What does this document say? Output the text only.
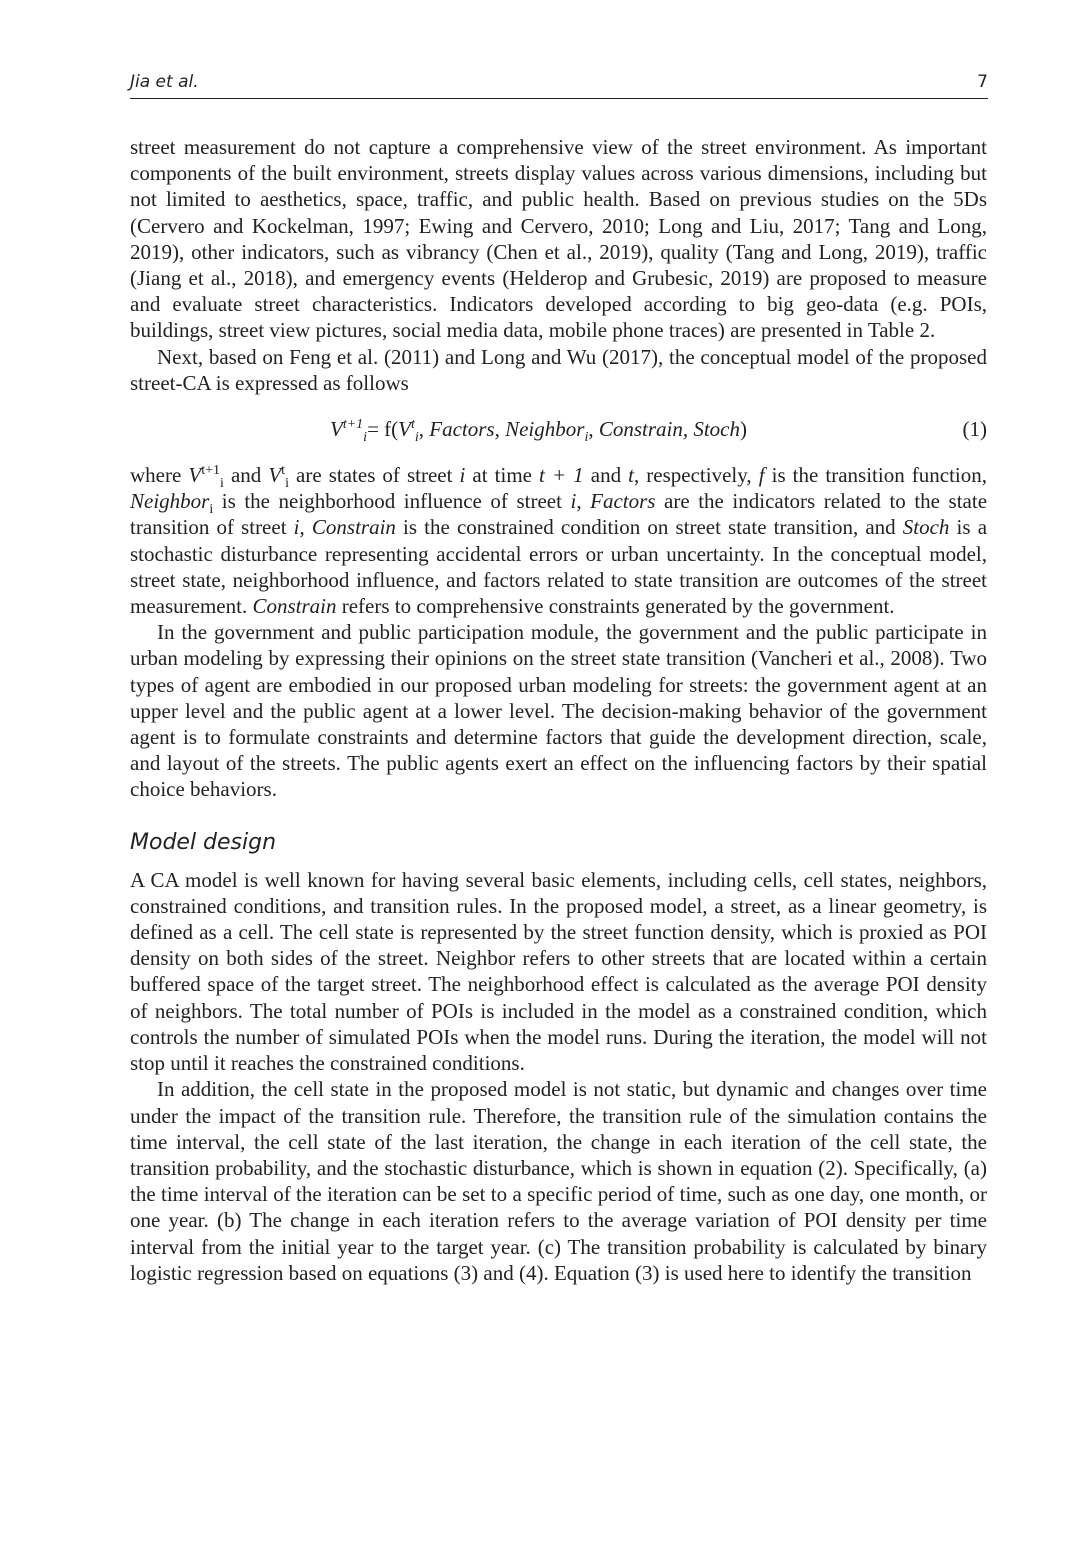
Jia et al.	7

street measurement do not capture a comprehensive view of the street environment. As important components of the built environment, streets display values across various dimensions, including but not limited to aesthetics, space, traffic, and public health. Based on previous studies on the 5Ds (Cervero and Kockelman, 1997; Ewing and Cervero, 2010; Long and Liu, 2017; Tang and Long, 2019), other indicators, such as vibrancy (Chen et al., 2019), quality (Tang and Long, 2019), traffic (Jiang et al., 2018), and emergency events (Helderop and Grubesic, 2019) are proposed to measure and evaluate street characteristics. Indicators developed according to big geo-data (e.g. POIs, buildings, street view pictures, social media data, mobile phone traces) are presented in Table 2.

Next, based on Feng et al. (2011) and Long and Wu (2017), the conceptual model of the proposed street-CA is expressed as follows

$V^{t+1}_i= f(V^t_i$, Factors, Neighbor$_i$, Constrain, Stoch)	(1)

where $V^{t+1}_i$ and $V^t_i$ are states of street i at time t + 1 and t, respectively, f is the transition function, Neighbor$_i$ is the neighborhood influence of street i, Factors are the indicators related to the state transition of street i, Constrain is the constrained condition on street state transition, and Stoch is a stochastic disturbance representing accidental errors or urban uncertainty. In the conceptual model, street state, neighborhood influence, and factors related to state transition are outcomes of the street measurement. Constrain refers to comprehensive constraints generated by the government.

In the government and public participation module, the government and the public participate in urban modeling by expressing their opinions on the street state transition (Vancheri et al., 2008). Two types of agent are embodied in our proposed urban modeling for streets: the government agent at an upper level and the public agent at a lower level. The decision-making behavior of the government agent is to formulate constraints and determine factors that guide the development direction, scale, and layout of the streets. The public agents exert an effect on the influencing factors by their spatial choice behaviors.

Model design

A CA model is well known for having several basic elements, including cells, cell states, neighbors, constrained conditions, and transition rules. In the proposed model, a street, as a linear geometry, is defined as a cell. The cell state is represented by the street function density, which is proxied as POI density on both sides of the street. Neighbor refers to other streets that are located within a certain buffered space of the target street. The neighborhood effect is calculated as the average POI density of neighbors. The total number of POIs is included in the model as a constrained condition, which controls the number of simulated POIs when the model runs. During the iteration, the model will not stop until it reaches the constrained conditions.

In addition, the cell state in the proposed model is not static, but dynamic and changes over time under the impact of the transition rule. Therefore, the transition rule of the simulation contains the time interval, the cell state of the last iteration, the change in each iteration of the cell state, the transition probability, and the stochastic disturbance, which is shown in equation (2). Specifically, (a) the time interval of the iteration can be set to a specific period of time, such as one day, one month, or one year. (b) The change in each iteration refers to the average variation of POI density per time interval from the initial year to the target year. (c) The transition probability is calculated by binary logistic regression based on equations (3) and (4). Equation (3) is used here to identify the transition
